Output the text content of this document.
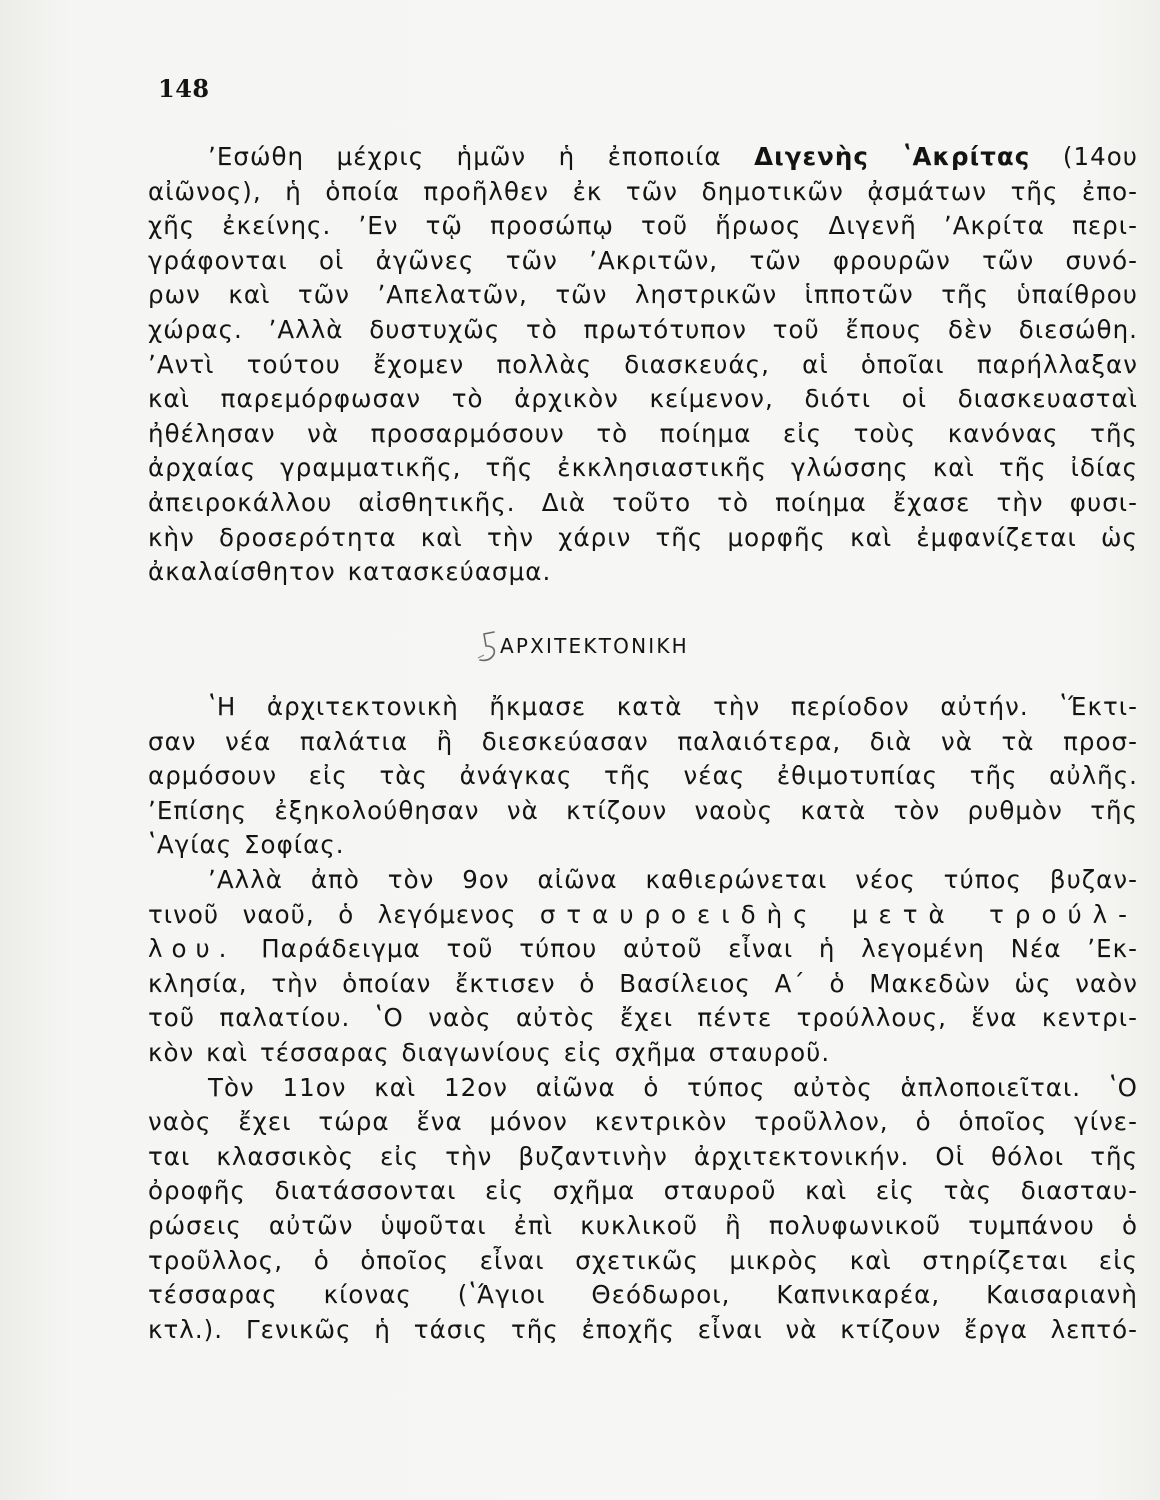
148
ʼΕσώθη μέχρις ἡμῶν ἡ ἐποποιία Διγενὴς ʽΑκρίτας (14ου
αἰῶνος), ἡ ὁποία προῆλθεν ἐκ τῶν δημοτικῶν ᾀσμάτων τῆς ἐπο-
χῆς ἐκείνης. ʼΕν τῷ προσώπῳ τοῦ ἥρωος Διγενῆ ʼΑκρίτα περι-
γράφονται οἱ ἀγῶνες τῶν ʼΑκριτῶν, τῶν φρουρῶν τῶν συνό-
ρων καὶ τῶν ʼΑπελατῶν, τῶν ληστρικῶν ἱπποτῶν τῆς ὑπαίθρου
χώρας. ʼΑλλὰ δυστυχῶς τὸ πρωτότυπον τοῦ ἔπους δὲν διεσώθη.
ʼΑντὶ τούτου ἔχομεν πολλὰς διασκευάς, αἱ ὁποῖαι παρήλλαξαν
καὶ παρεμόρφωσαν τὸ ἀρχικὸν κείμενον, διότι οἱ διασκευασταὶ
ἠθέλησαν νὰ προσαρμόσουν τὸ ποίημα εἰς τοὺς κανόνας τῆς
ἀρχαίας γραμματικῆς, τῆς ἐκκλησιαστικῆς γλώσσης καὶ τῆς ἰδίας
ἀπειροκάλλου αἰσθητικῆς. Διὰ τοῦτο τὸ ποίημα ἔχασε τὴν φυσι-
κὴν δροσερότητα καὶ τὴν χάριν τῆς μορφῆς καὶ ἐμφανίζεται ὡς
ἀκαλαίσθητον κατασκεύασμα.
ΑΡΧΙΤΕΚΤΟΝΙΚΗ
ʽΗ ἀρχιτεκτονικὴ ἤκμασε κατὰ τὴν περίοδον αὐτήν. ʽΈκτι-
σαν νέα παλάτια ἢ διεσκεύασαν παλαιότερα, διὰ νὰ τὰ προσ-
αρμόσουν εἰς τὰς ἀνάγκας τῆς νέας ἐθιμοτυπίας τῆς αὐλῆς.
ʼΕπίσης ἐξηκολούθησαν νὰ κτίζουν ναοὺς κατὰ τὸν ρυθμὸν τῆς
ʽΑγίας Σοφίας.
ʼΑλλὰ ἀπὸ τὸν 9ον αἰῶνα καθιερώνεται νέος τύπος βυζαν-
τινοῦ ναοῦ, ὁ λεγόμενος σταυροειδὴς μετὰ τρούλ-
λου. Παράδειγμα τοῦ τύπου αὐτοῦ εἶναι ἡ λεγομένη Νέα ʼΕκ-
κλησία, τὴν ὁποίαν ἔκτισεν ὁ Βασίλειος Α΄ ὁ Μακεδὼν ὡς ναὸν
τοῦ παλατίου. ʽΟ ναὸς αὐτὸς ἔχει πέντε τρούλλους, ἕνα κεντρι-
κὸν καὶ τέσσαρας διαγωνίους εἰς σχῆμα σταυροῦ.
Τὸν 11ον καὶ 12ον αἰῶνα ὁ τύπος αὐτὸς ἁπλοποιεῖται. ʽΟ
ναὸς ἔχει τώρα ἕνα μόνον κεντρικὸν τροῦλλον, ὁ ὁποῖος γίνε-
ται κλασσικὸς εἰς τὴν βυζαντινὴν ἀρχιτεκτονικήν. Οἱ θόλοι τῆς
ὀροφῆς διατάσσονται εἰς σχῆμα σταυροῦ καὶ εἰς τὰς διασταυ-
ρώσεις αὐτῶν ὑψοῦται ἐπὶ κυκλικοῦ ἢ πολυφωνικοῦ τυμπάνου ὁ
τροῦλλος, ὁ ὁποῖος εἶναι σχετικῶς μικρὸς καὶ στηρίζεται εἰς
τέσσαρας κίονας (ʽΆγιοι Θεόδωροι, Καπνικαρέα, Καισαριανὴ
κτλ.). Γενικῶς ἡ τάσις τῆς ἐποχῆς εἶναι νὰ κτίζουν ἔργα λεπτό-
